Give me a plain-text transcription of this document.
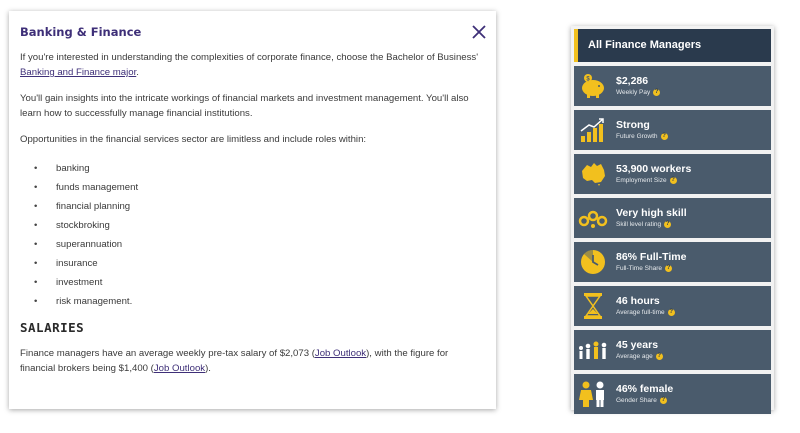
Banking & Finance

If you're interested in understanding the complexities of corporate finance, choose the Bachelor of Business' Banking and Finance major.

You'll gain insights into the intricate workings of financial markets and investment management. You'll also learn how to successfully manage financial institutions.

Opportunities in the financial services sector are limitless and include roles within:

• banking
• funds management
• financial planning
• stockbroking
• superannuation
• insurance
• investment
• risk management.
SALARIES

Finance managers have an average weekly pre-tax salary of $2,073 (Job Outlook), with the figure for financial brokers being $1,400 (Job Outlook).

All Finance Managers
$	$2,286
Weekly Pay ?
Strong
Future Growth ?
53,900 workers
Employment Size ?
Very high skill
Skill level rating ?
86% Full-Time
Full-Time Share ?
46 hours
Average full-time ?
45 years
Average age ?
46% female
Gender Share ?
